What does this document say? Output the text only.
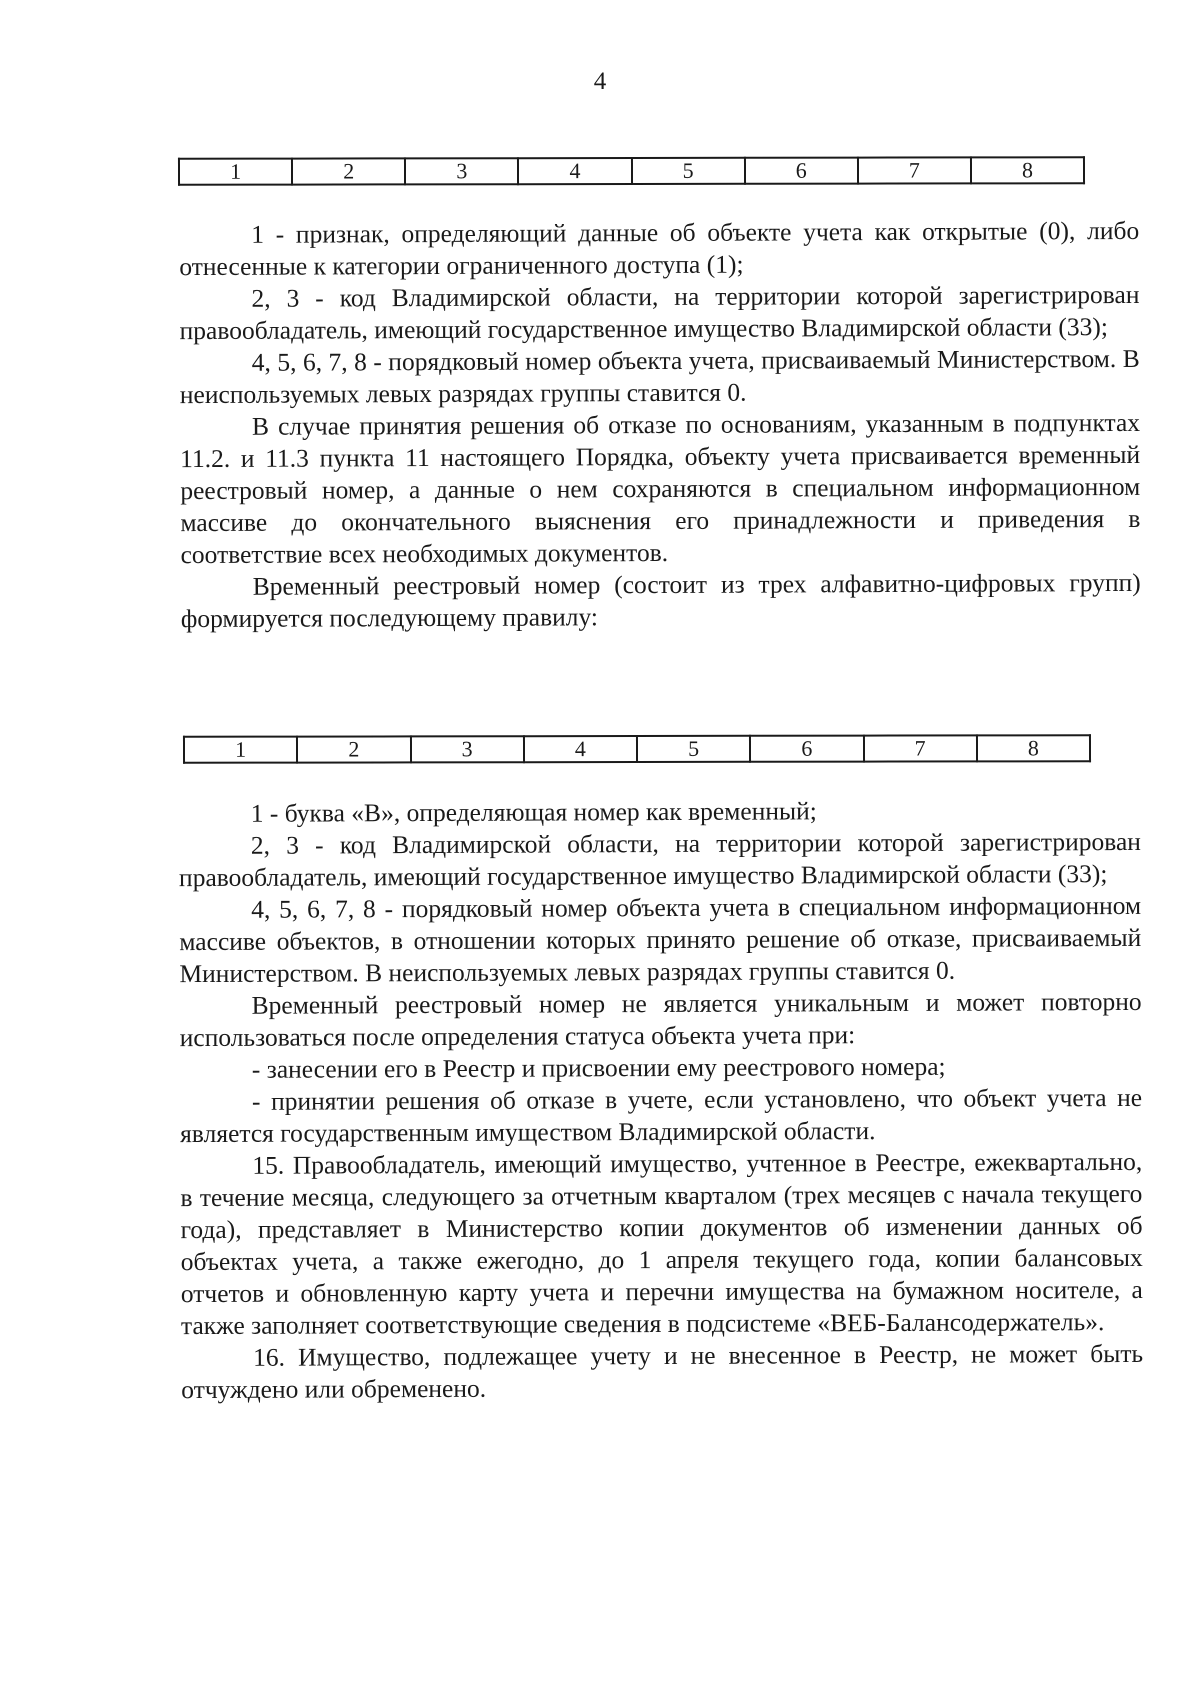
4
1	2	3	4	5	6	7	8

1 - признак, определяющий данные об объекте учета как открытые (0), либо отнесенные к категории ограниченного доступа (1);

2, 3 - код Владимирской области, на территории которой зарегистрирован правообладатель, имеющий государственное имущество Владимирской области (33);

4, 5, 6, 7, 8 - порядковый номер объекта учета, присваиваемый Министерством. В неиспользуемых левых разрядах группы ставится 0.

В случае принятия решения об отказе по основаниям, указанным в подпунктах 11.2. и 11.3 пункта 11 настоящего Порядка, объекту учета присваивается временный реестровый номер, а данные о нем сохраняются в специальном информационном массиве до окончательного выяснения его принадлежности и приведения в соответствие всех необходимых документов.

Временный реестровый номер (состоит из трех алфавитно-цифровых групп) формируется последующему правилу:

1	2	3	4	5	6	7	8

1 - буква «В», определяющая номер как временный;

2, 3 - код Владимирской области, на территории которой зарегистрирован правообладатель, имеющий государственное имущество Владимирской области (33);

4, 5, 6, 7, 8 - порядковый номер объекта учета в специальном информационном массиве объектов, в отношении которых принято решение об отказе, присваиваемый Министерством. В неиспользуемых левых разрядах группы ставится 0.

Временный реестровый номер не является уникальным и может повторно использоваться после определения статуса объекта учета при:

- занесении его в Реестр и присвоении ему реестрового номера;

- принятии решения об отказе в учете, если установлено, что объект учета не является государственным имуществом Владимирской области.

15. Правообладатель, имеющий имущество, учтенное в Реестре, ежеквартально, в течение месяца, следующего за отчетным кварталом (трех месяцев с начала текущего года), представляет в Министерство копии документов об изменении данных об объектах учета, а также ежегодно, до 1 апреля текущего года, копии балансовых отчетов и обновленную карту учета и перечни имущества на бумажном носителе, а также заполняет соответствующие сведения в подсистеме «ВЕБ-Балансодержатель».

16. Имущество, подлежащее учету и не внесенное в Реестр, не может быть отчуждено или обременено.
